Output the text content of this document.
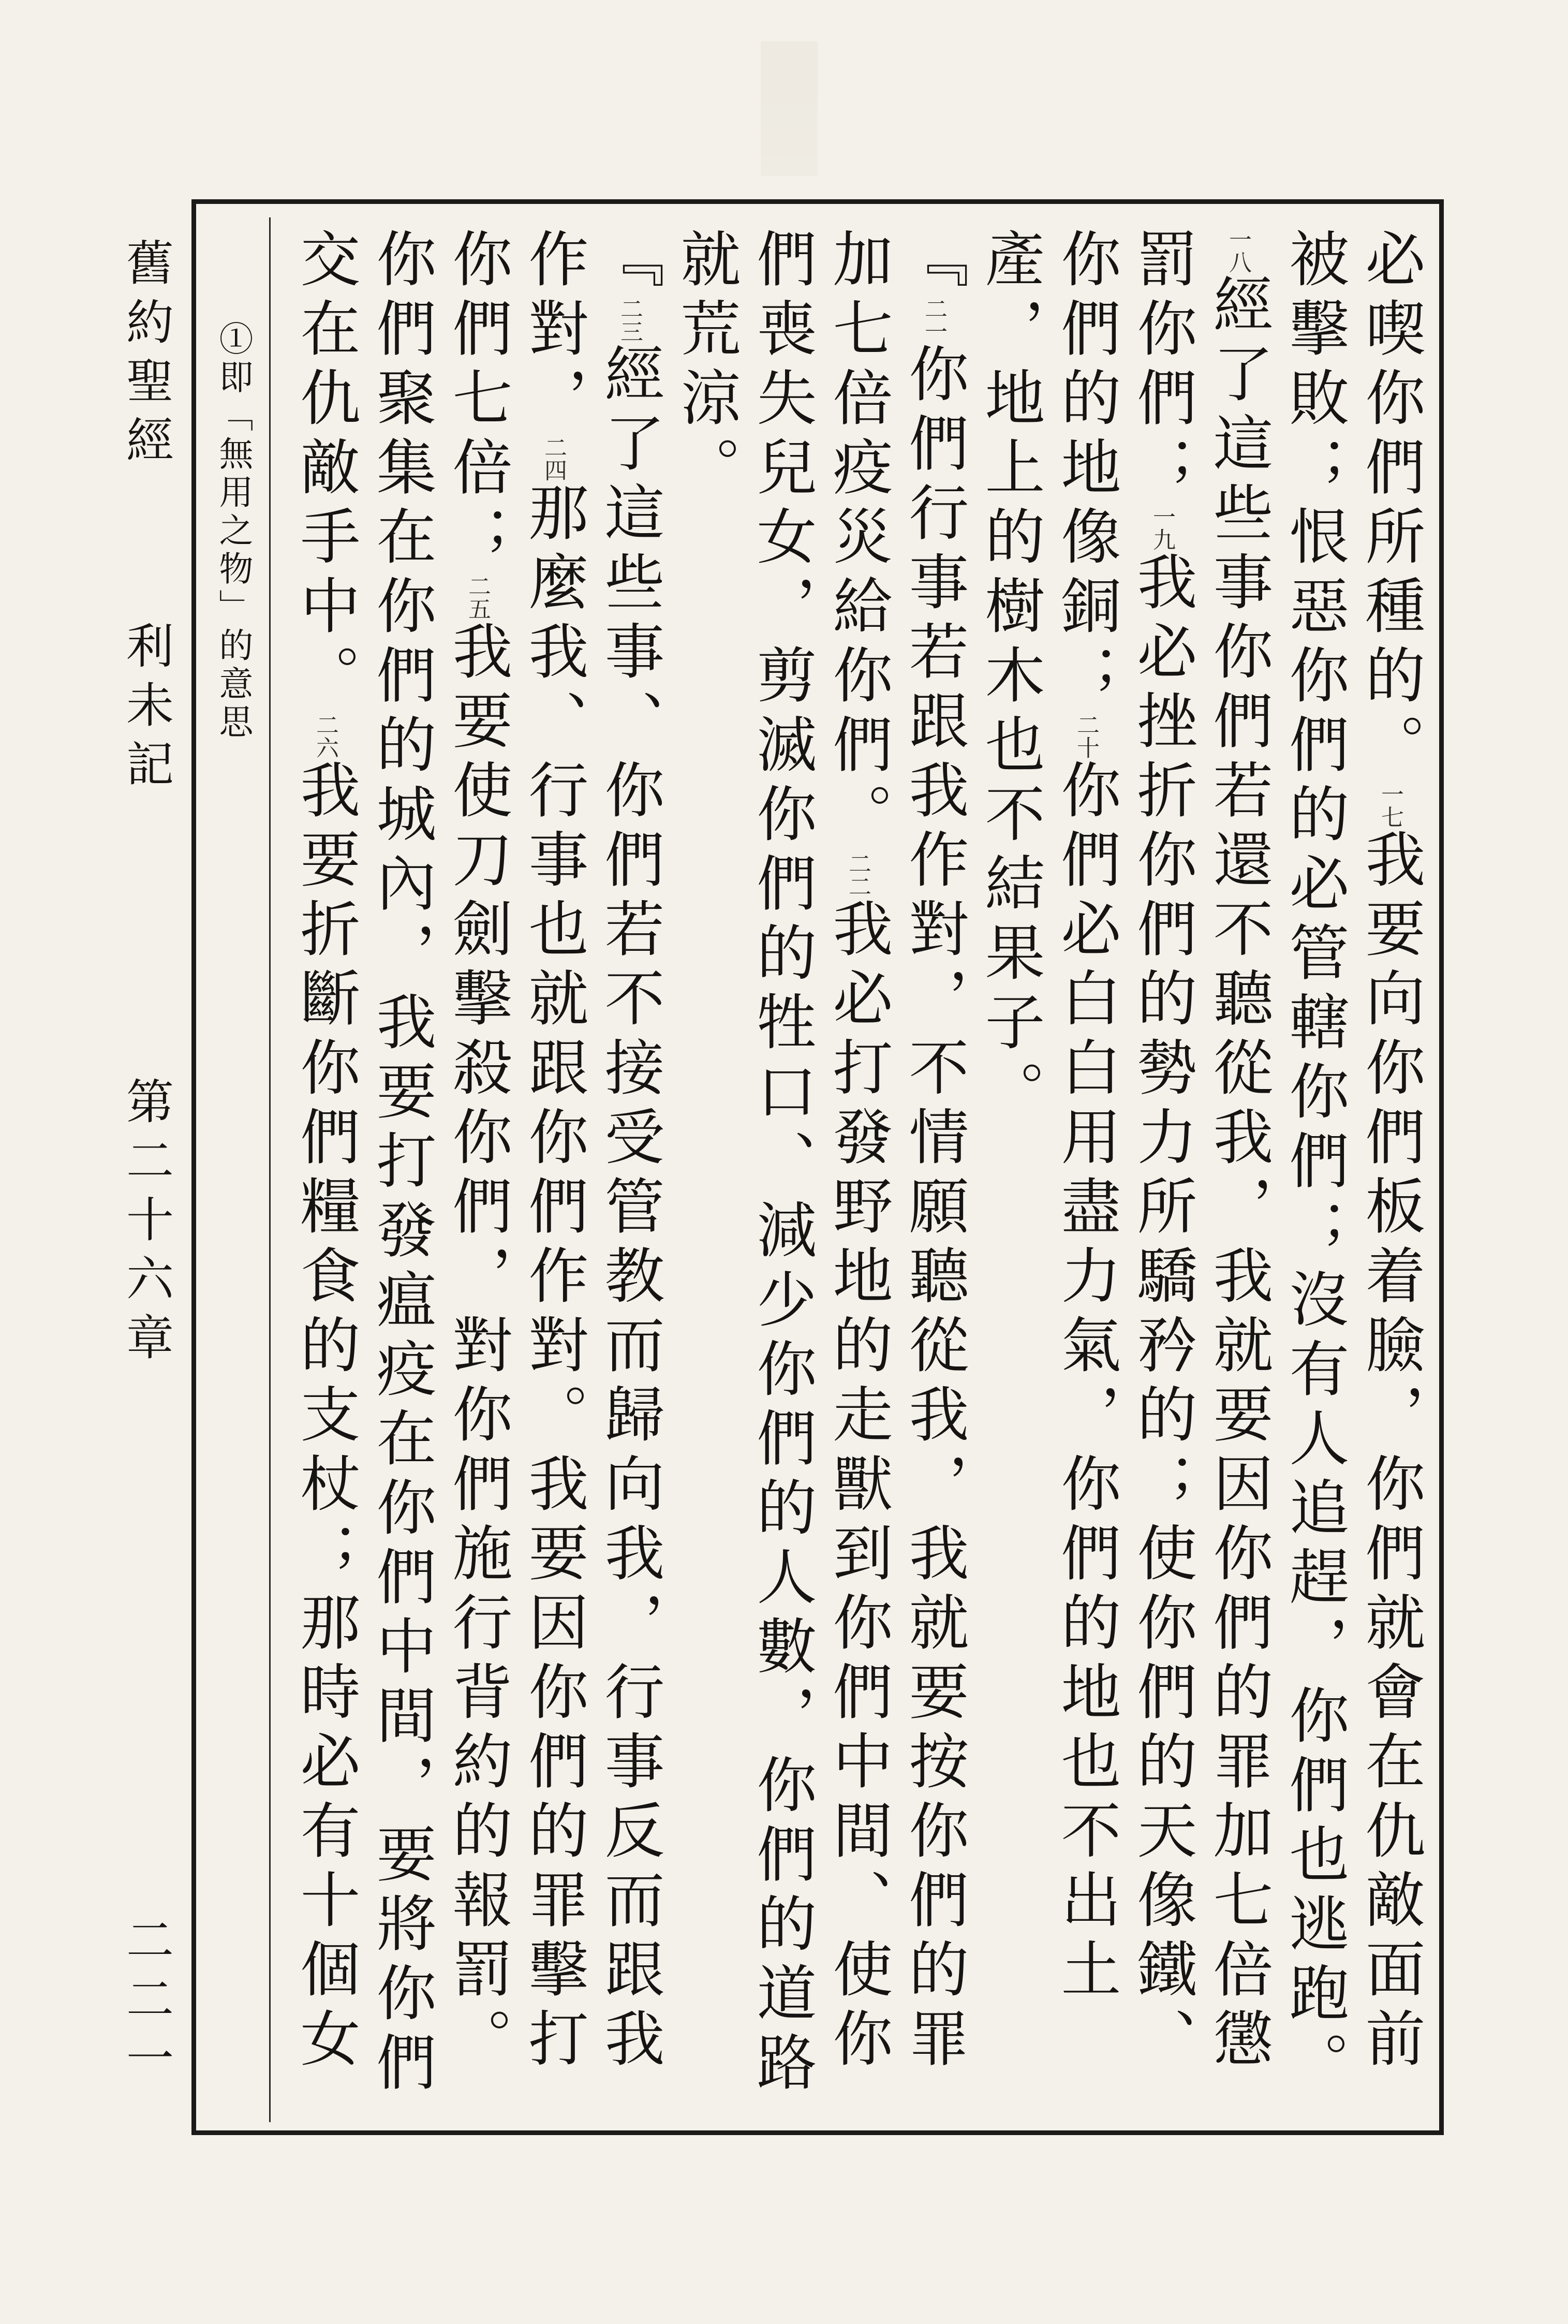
舊約聖經
利未記
第二十六章
二二一
①即「無用之物」的意思	必喫你們所種的。$^{一七}$我要向你們板着臉，你們就會在仇敵面前被擊敗；恨惡你們的必管轄你們；沒有人追趕，你們也逃跑。$^{一八}$經了這些事你們若還不聽從我，我就要因你們的罪加七倍懲罰你們；$^{一九}$我必挫折你們的勢力所驕矜的；使你們的天像鐵、你們的地像銅；$^{二十}$你們必白白用盡力氣，你們的地也不出土產，地上的樹木也不結果子。

『$^{二一}$你們行事若跟我作對，不情願聽從我，我就要按你們的罪加七倍疫災給你們。$^{二二}$我必打發野地的走獸到你們中間、使你們喪失兒女，剪滅你們的牲口、減少你們的人數，你們的道路就荒涼。

『$^{二三}$經了這些事、你們若不接受管教而歸向我，行事反而跟我作對，$^{二四}$那麼我、行事也就跟你們作對。我要因你們的罪擊打你們七倍；$^{二五}$我要使刀劍擊殺你們，對你們施行背約的報罰。你們聚集在你們的城內，我要打發瘟疫在你們中間，要將你們交在仇敵手中。$^{二六}$我要折斷你們糧食的支杖；那時必有十個女
